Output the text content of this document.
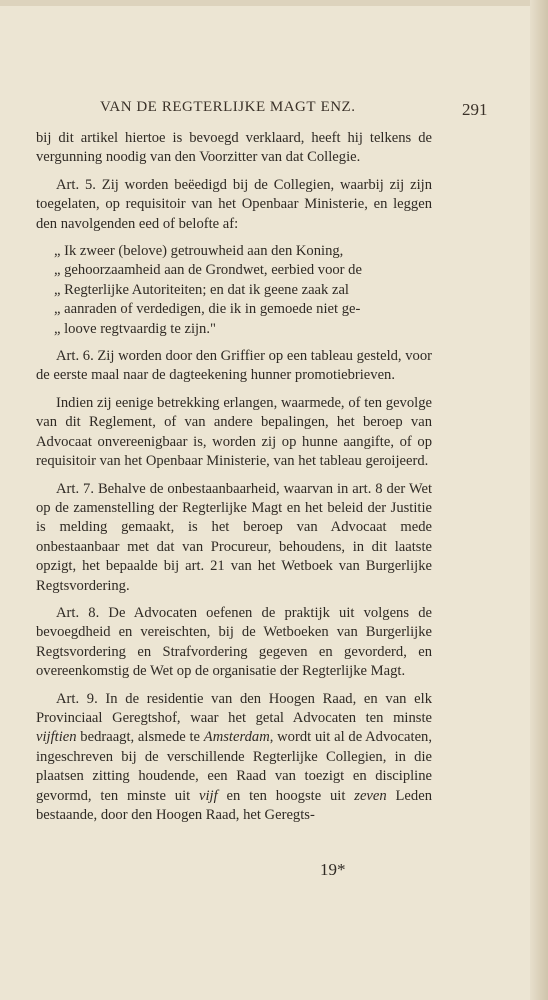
VAN DE REGTERLIJKE MAGT ENZ.	291

bij dit artikel hiertoe is bevoegd verklaard, heeft hij telkens de vergunning noodig van den Voorzitter van dat Collegie.

Art. 5. Zij worden beëedigd bij de Collegien, waarbij zij zijn toegelaten, op requisitoir van het Openbaar Ministerie, en leggen den navolgenden eed of belofte af:

„ Ik zweer (belove) getrouwheid aan den Koning,
„ gehoorzaamheid aan de Grondwet, eerbied voor de
„ Regterlijke Autoriteiten; en dat ik geene zaak zal
„ aanraden of verdedigen, die ik in gemoede niet ge-
„ loove regtvaardig te zijn."

Art. 6. Zij worden door den Griffier op een tableau gesteld, voor de eerste maal naar de dagteekening hunner promotiebrieven.

Indien zij eenige betrekking erlangen, waarmede, of ten gevolge van dit Reglement, of van andere bepalingen, het beroep van Advocaat onvereenigbaar is, worden zij op hunne aangifte, of op requisitoir van het Openbaar Ministerie, van het tableau geroijeerd.

Art. 7. Behalve de onbestaanbaarheid, waarvan in art. 8 der Wet op de zamenstelling der Regterlijke Magt en het beleid der Justitie is melding gemaakt, is het beroep van Advocaat mede onbestaanbaar met dat van Procureur, behoudens, in dit laatste opzigt, het bepaalde bij art. 21 van het Wetboek van Burgerlijke Regtsvordering.

Art. 8. De Advocaten oefenen de praktijk uit volgens de bevoegdheid en vereischten, bij de Wetboeken van Burgerlijke Regtsvordering en Strafvordering gegeven en gevorderd, en overeenkomstig de Wet op de organisatie der Regterlijke Magt.

Art. 9. In de residentie van den Hoogen Raad, en van elk Provinciaal Geregtshof, waar het getal Advocaten ten minste vijftien bedraagt, alsmede te Amsterdam, wordt uit al de Advocaten, ingeschreven bij de verschillende Regterlijke Collegien, in die plaatsen zitting houdende, een Raad van toezigt en discipline gevormd, ten minste uit vijf en ten hoogste uit zeven Leden bestaande, door den Hoogen Raad, het Geregts-

19*
